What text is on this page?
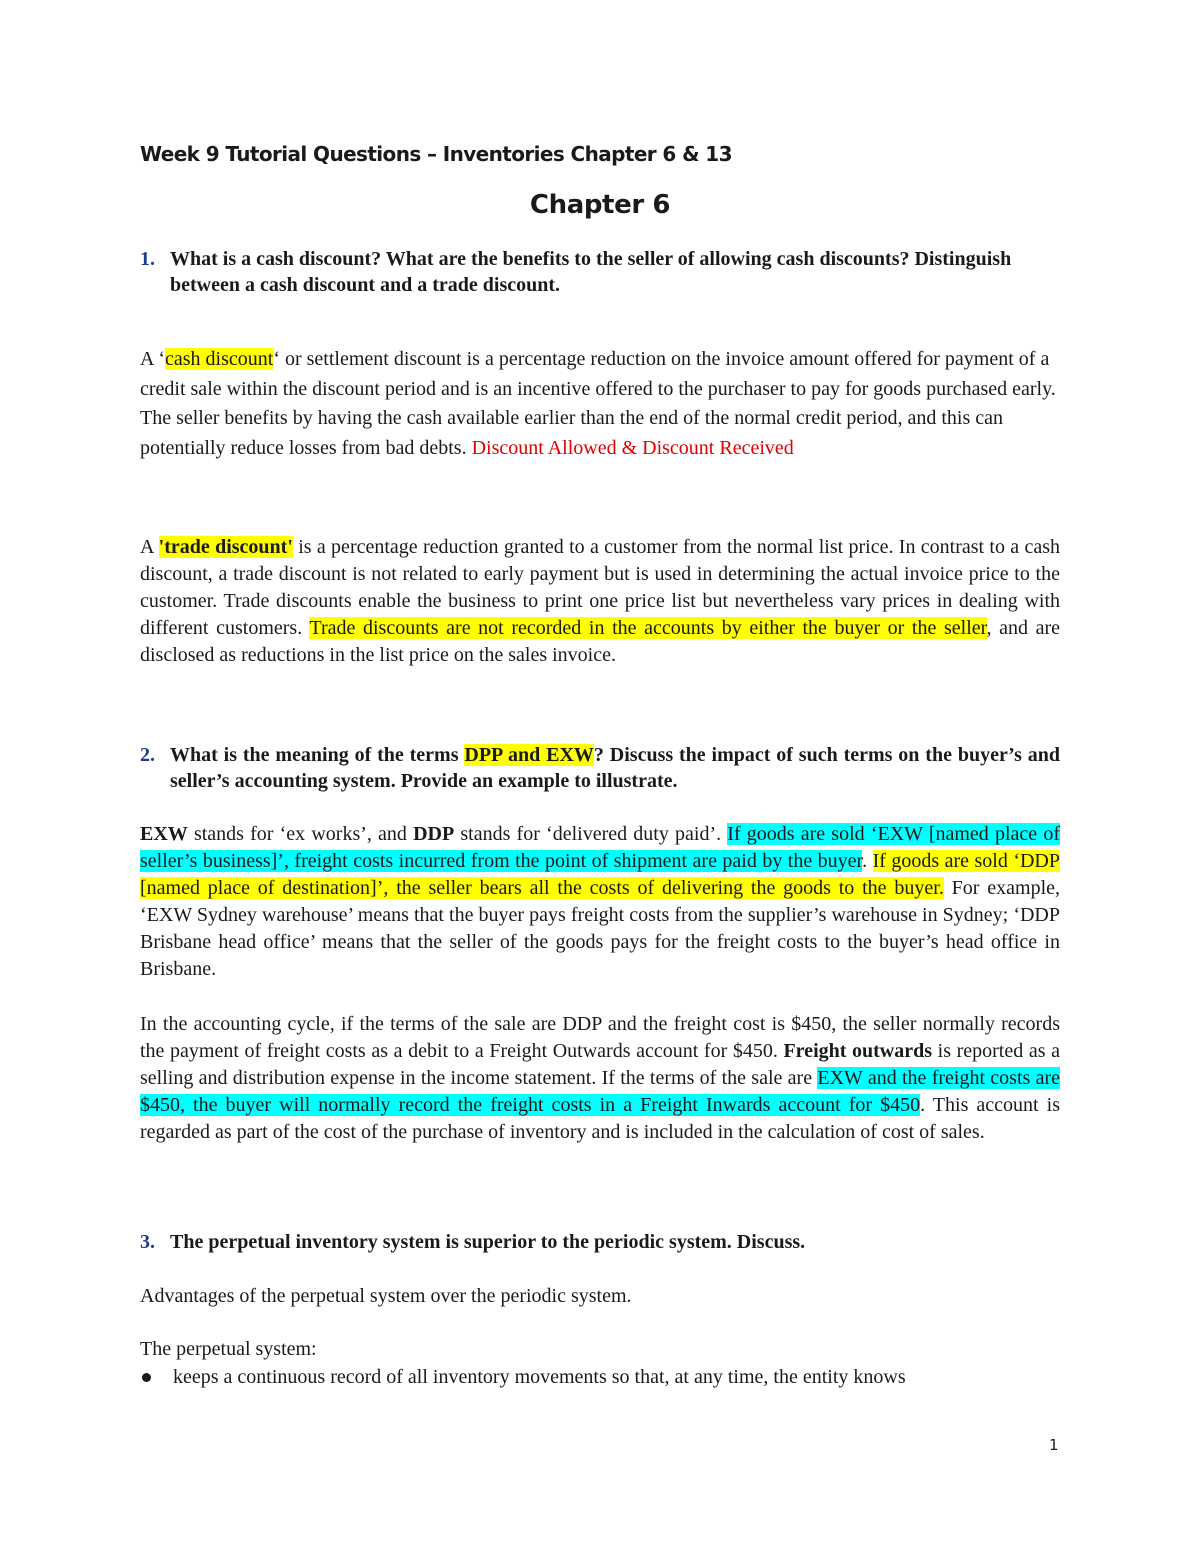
Week 9 Tutorial Questions – Inventories Chapter 6 & 13
Chapter 6
1. What is a cash discount? What are the benefits to the seller of allowing cash discounts? Distinguish between a cash discount and a trade discount.

A ‘cash discount‘ or settlement discount is a percentage reduction on the invoice amount offered for payment of a credit sale within the discount period and is an incentive offered to the purchaser to pay for goods purchased early. The seller benefits by having the cash available earlier than the end of the normal credit period, and this can potentially reduce losses from bad debts. Discount Allowed & Discount Received

A 'trade discount' is a percentage reduction granted to a customer from the normal list price. In contrast to a cash discount, a trade discount is not related to early payment but is used in determining the actual invoice price to the customer. Trade discounts enable the business to print one price list but nevertheless vary prices in dealing with different customers. Trade discounts are not recorded in the accounts by either the buyer or the seller, and are disclosed as reductions in the list price on the sales invoice.

2. What is the meaning of the terms DPP and EXW? Discuss the impact of such terms on the buyer’s and seller’s accounting system. Provide an example to illustrate.

EXW stands for ‘ex works’, and DDP stands for ‘delivered duty paid’. If goods are sold ‘EXW [named place of seller’s business]’, freight costs incurred from the point of shipment are paid by the buyer. If goods are sold ‘DDP [named place of destination]’, the seller bears all the costs of delivering the goods to the buyer. For example, ‘EXW Sydney warehouse’ means that the buyer pays freight costs from the supplier’s warehouse in Sydney; ‘DDP Brisbane head office’ means that the seller of the goods pays for the freight costs to the buyer’s head office in Brisbane.

In the accounting cycle, if the terms of the sale are DDP and the freight cost is $450, the seller normally records the payment of freight costs as a debit to a Freight Outwards account for $450. Freight outwards is reported as a selling and distribution expense in the income statement. If the terms of the sale are EXW and the freight costs are $450, the buyer will normally record the freight costs in a Freight Inwards account for $450. This account is regarded as part of the cost of the purchase of inventory and is included in the calculation of cost of sales.

3. The perpetual inventory system is superior to the periodic system. Discuss.

Advantages of the perpetual system over the periodic system.

The perpetual system:

keeps a continuous record of all inventory movements so that, at any time, the entity knows

1
